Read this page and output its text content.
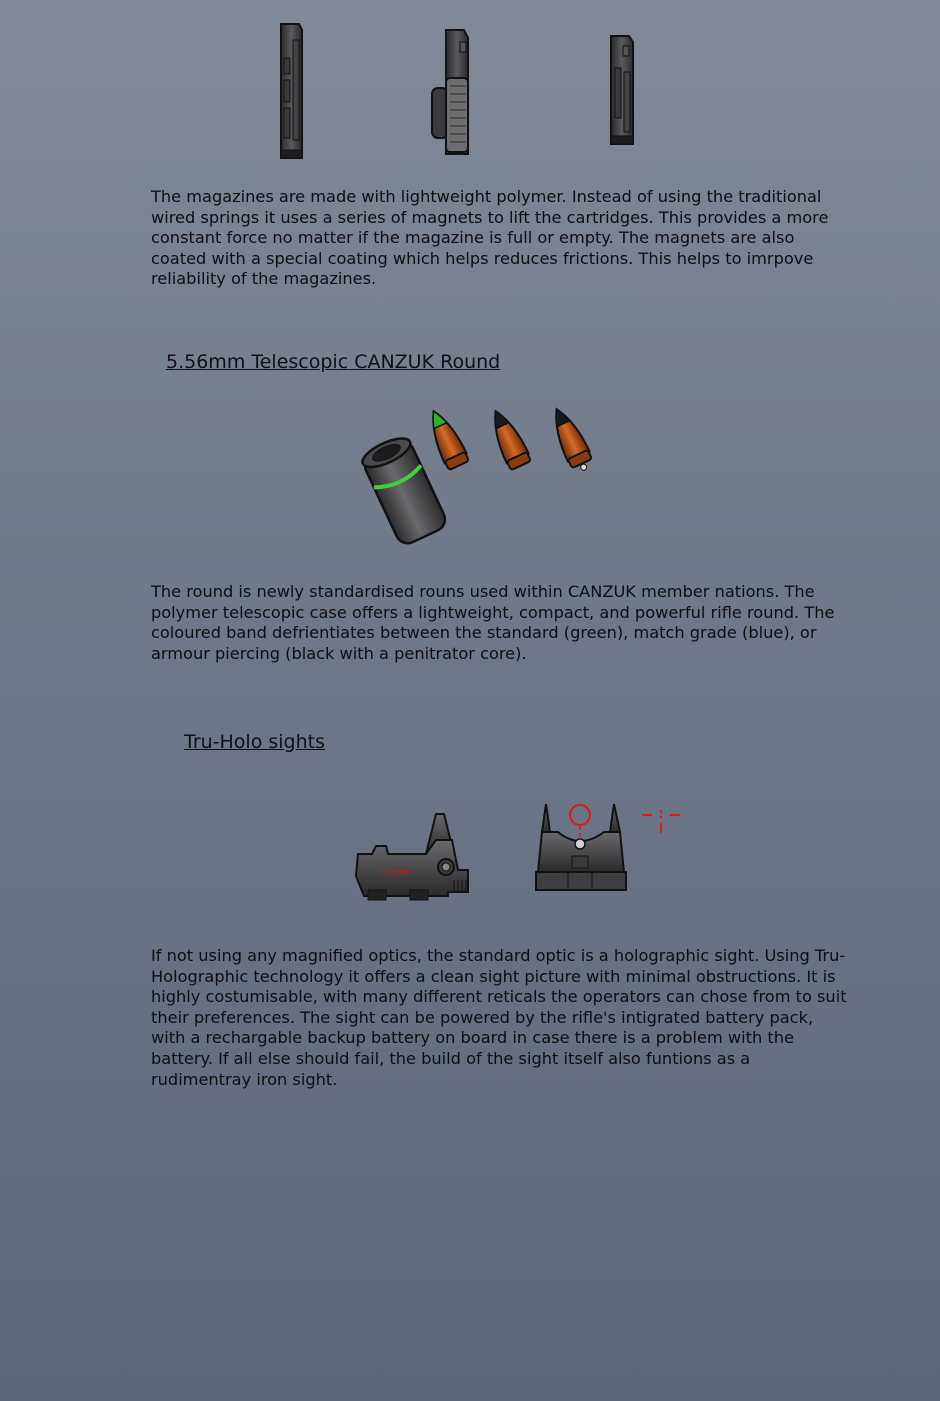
The magazines are made with lightweight polymer. Instead of using the traditional wired springs it uses a series of magnets to lift the cartridges. This provides a more constant force no matter if the magazine is full or empty. The magnets are also coated with a special coating which helps reduces frictions. This helps to imrpove reliability of the magazines.

5.56mm Telescopic CANZUK Round

The round is newly standardised rouns used within CANZUK member nations. The polymer telescopic case offers a lightweight, compact, and powerful rifle round. The coloured band defrientiates between the standard (green), match grade (blue), or armour piercing (black with a penitrator core).

Tru-Holo sights
Tru-Holo

If not using any magnified optics, the standard optic is a holographic sight. Using Tru-Holographic technology it offers a clean sight picture with minimal obstructions. It is highly costumisable, with many different reticals the operators can chose from to suit their preferences. The sight can be powered by the rifle's intigrated battery pack, with a rechargable backup battery on board in case there is a problem with the battery. If all else should fail, the build of the sight itself also funtions as a rudimentray iron sight.
